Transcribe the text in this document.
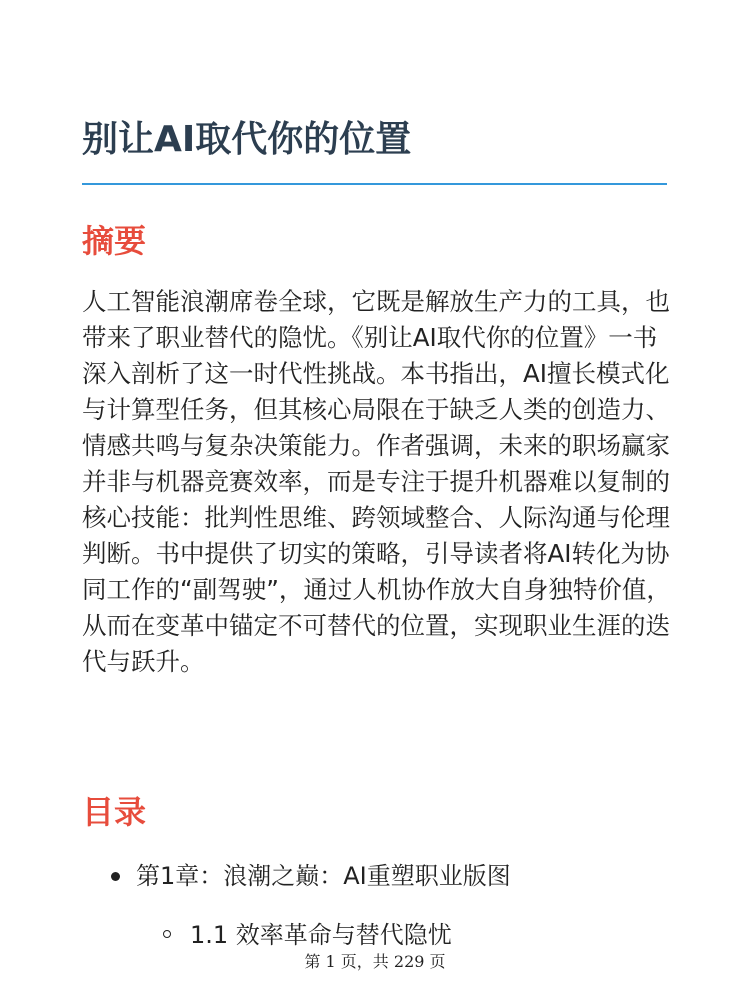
别让AI取代你的位置
摘要

人工智能浪潮席卷全球，它既是解放生产力的工具，也带来了职业替代的隐忧。《别让AI取代你的位置》一书深入剖析了这一时代性挑战。本书指出，AI擅长模式化与计算型任务，但其核心局限在于缺乏人类的创造力、情感共鸣与复杂决策能力。作者强调，未来的职场赢家并非与机器竞赛效率，而是专注于提升机器难以复制的核心技能：批判性思维、跨领域整合、人际沟通与伦理判断。书中提供了切实的策略，引导读者将AI转化为协同工作的“副驾驶”，通过人机协作放大自身独特价值，从而在变革中锚定不可替代的位置，实现职业生涯的迭代与跃升。

目录
第1章：浪潮之巅：AI重塑职业版图
1.1 效率革命与替代隐忧
第 1 页，共 229 页
